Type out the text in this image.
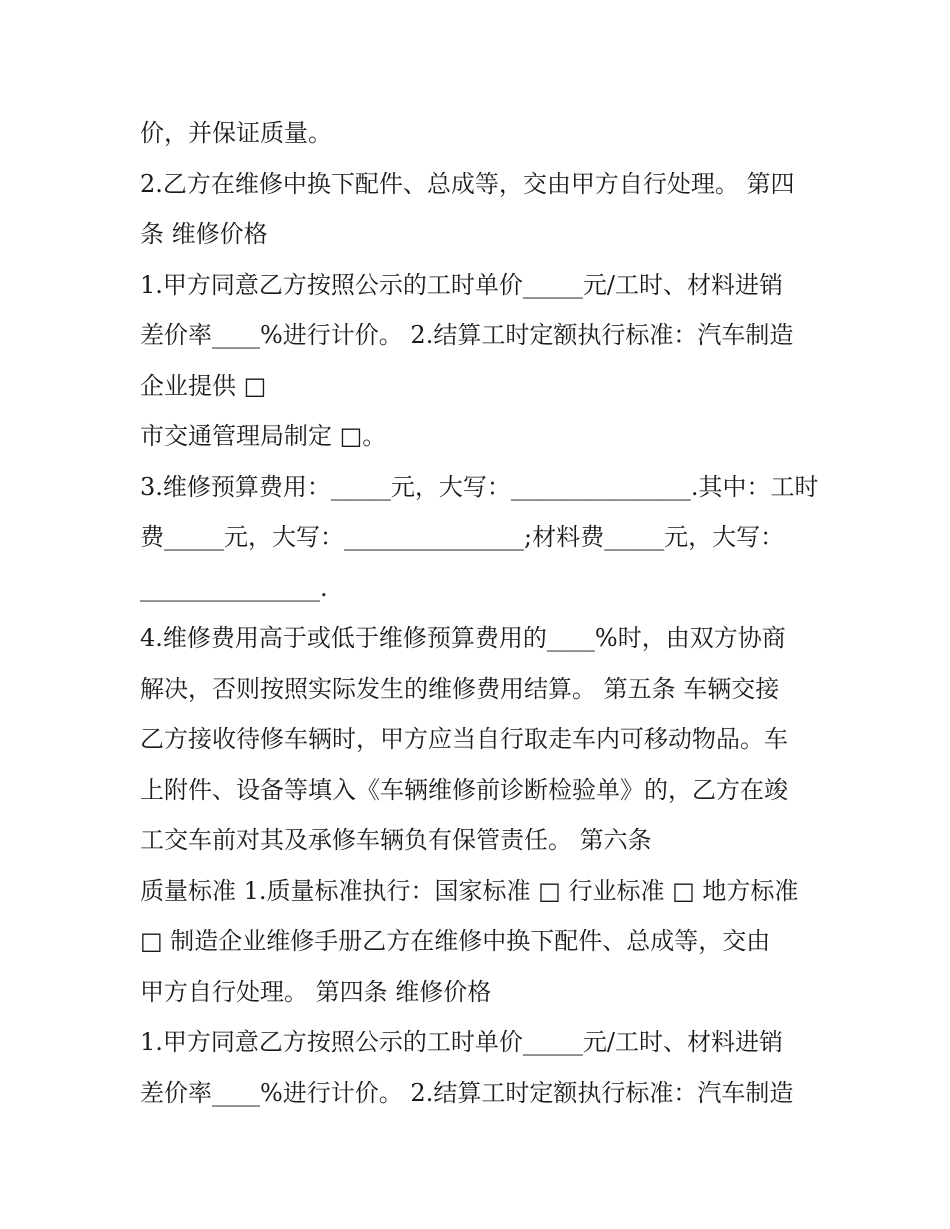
价，并保证质量。
2.乙方在维修中换下配件、总成等，交由甲方自行处理。 第四
条 维修价格
1.甲方同意乙方按照公示的工时单价_____元/工时、材料进销
差价率____%进行计价。 2.结算工时定额执行标准：汽车制造
企业提供 □
市交通管理局制定 □。
3.维修预算费用：_____元，大写：_______________.其中：工时
费_____元，大写：_______________;材料费_____元，大写：
_______________.
4.维修费用高于或低于维修预算费用的____%时，由双方协商
解决，否则按照实际发生的维修费用结算。 第五条 车辆交接
乙方接收待修车辆时，甲方应当自行取走车内可移动物品。车
上附件、设备等填入《车辆维修前诊断检验单》的，乙方在竣
工交车前对其及承修车辆负有保管责任。 第六条
质量标准 1.质量标准执行：国家标准 □ 行业标准 □ 地方标准
□ 制造企业维修手册乙方在维修中换下配件、总成等，交由
甲方自行处理。 第四条 维修价格
1.甲方同意乙方按照公示的工时单价_____元/工时、材料进销
差价率____%进行计价。 2.结算工时定额执行标准：汽车制造
